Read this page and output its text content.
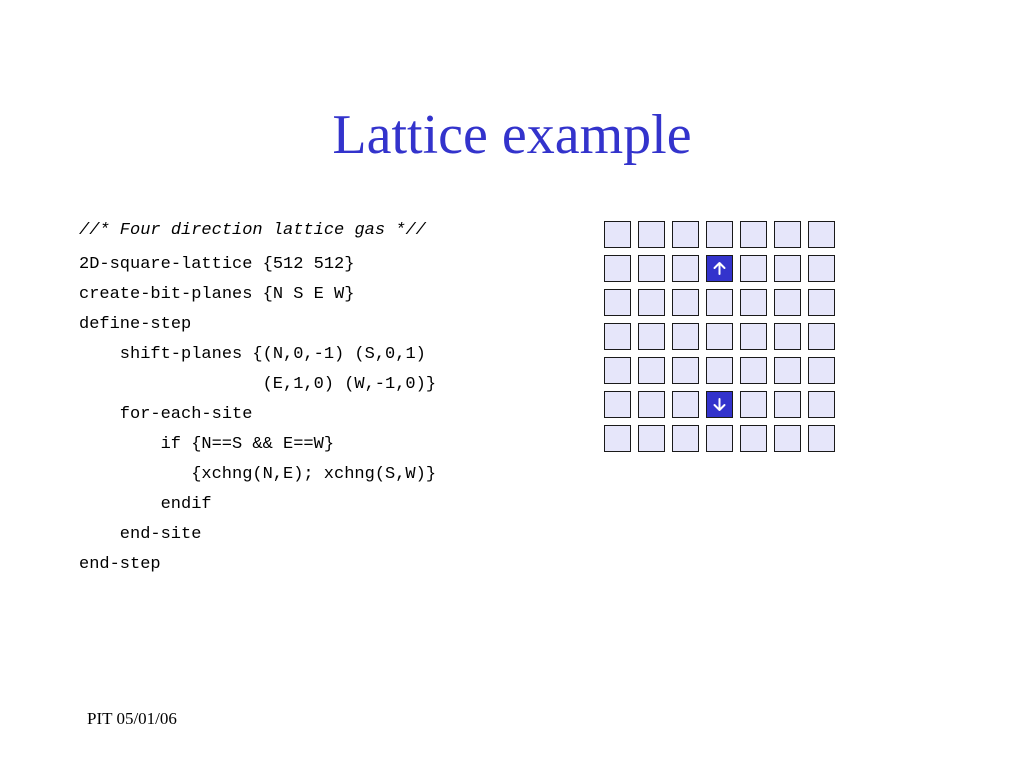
Lattice example
//* Four direction lattice gas *//
2D-square-lattice {512 512}
create-bit-planes {N S E W}
define-step
shift-planes {(N,0,-1) (S,0,1)
(E,1,0) (W,-1,0)}
for-each-site
if {N==S && E==W}
{xchng(N,E); xchng(S,W)}
endif
end-site
end-step
PIT 05/01/06
